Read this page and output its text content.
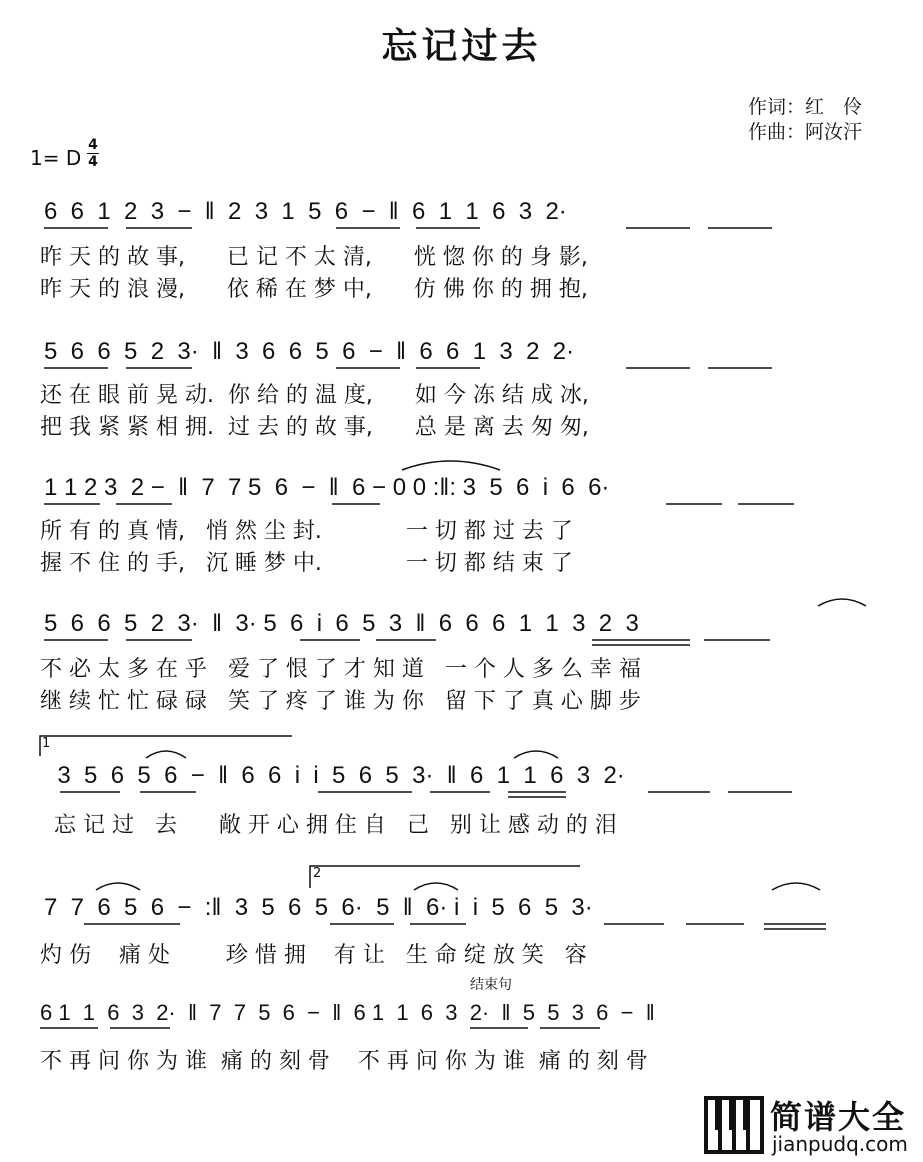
忘记过去
作词：红　伶
作曲：阿汝汗
1= D
4
4
6  6  1  2  3  −  ‖  2  3  1  5  6  −  ‖  6  1  1  6  3  2·
昨 天 的 故 事,      已 记 不 太 清,      恍 惚 你 的 身 影,
昨 天 的 浪 漫,      依 稀 在 梦 中,      仿 佛 你 的 拥 抱,
5  6  6  5  2  3·  ‖  3  6  6  5  6  −  ‖  6  6  1  3  2  2·
还 在 眼 前 晃 动.  你 给 的 温 度,      如 今 冻 结 成 冰,
把 我 紧 紧 相 拥.  过 去 的 故 事,      总 是 离 去 匆 匆,
1 1 2 3  2 −  ‖  7  7 5  6  −  ‖  6 − 0 0 :‖: 3  5  6  i  6  6·
所 有 的 真 情,   悄 然 尘 封.            一 切 都 过 去 了
握 不 住 的 手,   沉 睡 梦 中.            一 切 都 结 束 了
5  6  6  5  2  3·  ‖  3· 5  6  i  6  5  3  ‖  6  6  6  1  1  3  2  3
不 必 太 多 在 乎   爱 了 恨 了 才 知 道   一 个 人 多 么 幸 福
继 续 忙 忙 碌 碌   笑 了 疼 了 谁 为 你   留 下 了 真 心 脚 步
1
3  5  6  5  6  −  ‖  6  6  i  i  5  6  5  3·  ‖  6  1  1  6  3  2·
忘 记 过   去      敞 开 心 拥 住 自   己   别 让 感 动 的 泪
2
7  7  6  5  6  −  :‖  3  5  6  5  6·  5  ‖  6· i  i  5  6  5  3·
灼 伤    痛 处        珍 惜 拥    有 让   生 命 绽 放 笑   容
结束句
6 1  1  6  3  2·  ‖  7  7  5  6  −  ‖  6 1  1  6  3  2·  ‖  5  5  3  6  −  ‖
不 再 问 你 为 谁  痛 的 刻 骨    不 再 问 你 为 谁  痛 的 刻 骨
简谱大全
jianpudq.com
